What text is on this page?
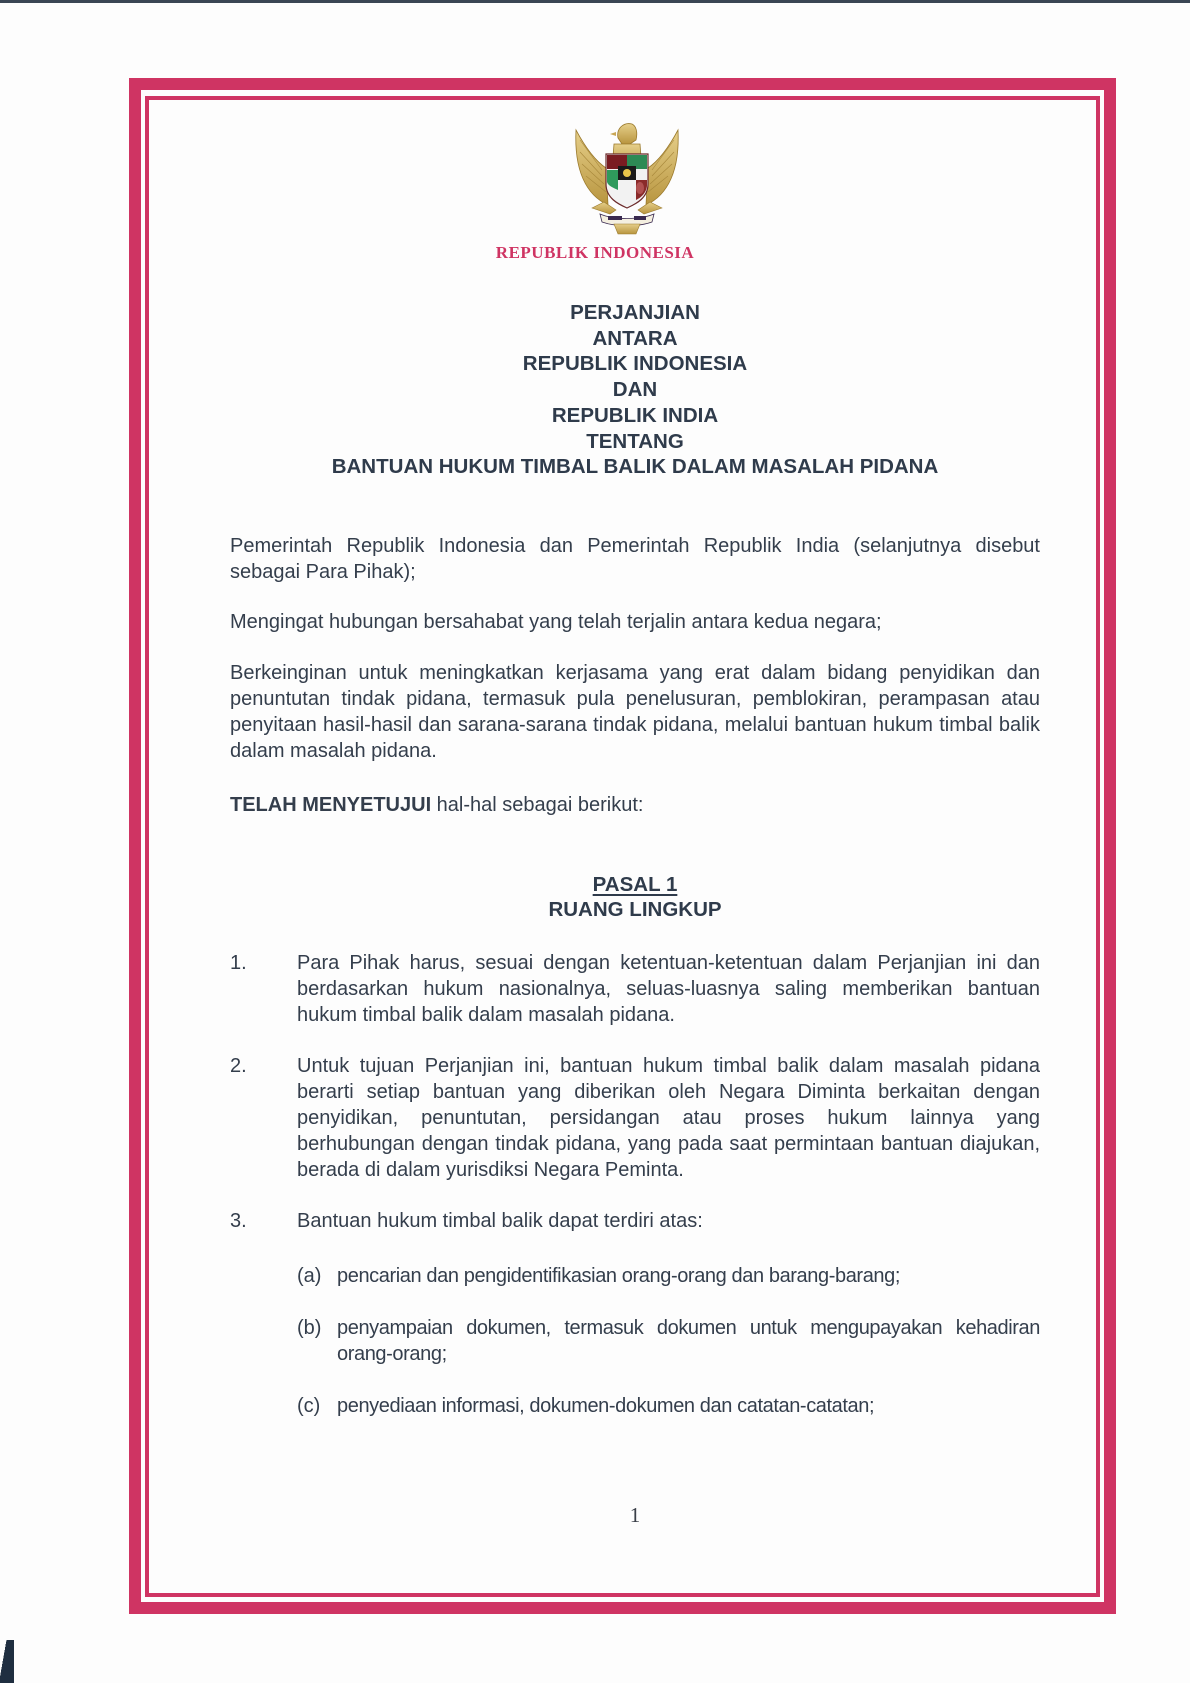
REPUBLIK INDONESIA
PERJANJIAN
ANTARA
REPUBLIK INDONESIA
DAN
REPUBLIK INDIA
TENTANG
BANTUAN HUKUM TIMBAL BALIK DALAM MASALAH PIDANA
Pemerintah Republik Indonesia dan Pemerintah Republik India (selanjutnya disebut sebagai Para Pihak);
Mengingat hubungan bersahabat yang telah terjalin antara kedua negara;
Berkeinginan untuk meningkatkan kerjasama yang erat dalam bidang penyidikan dan penuntutan tindak pidana, termasuk pula penelusuran, pemblokiran, perampasan atau penyitaan hasil-hasil dan sarana-sarana tindak pidana, melalui bantuan hukum timbal balik dalam masalah pidana.
TELAH MENYETUJUI hal-hal sebagai berikut:
PASAL 1
RUANG LINGKUP
1.	Para Pihak harus, sesuai dengan ketentuan-ketentuan dalam Perjanjian ini dan berdasarkan hukum nasionalnya, seluas-luasnya saling memberikan bantuan hukum timbal balik dalam masalah pidana.
2.	Untuk tujuan Perjanjian ini, bantuan hukum timbal balik dalam masalah pidana berarti setiap bantuan yang diberikan oleh Negara Diminta berkaitan dengan penyidikan, penuntutan, persidangan atau proses hukum lainnya yang berhubungan dengan tindak pidana, yang pada saat permintaan bantuan diajukan, berada di dalam yurisdiksi Negara Peminta.
3.	Bantuan hukum timbal balik dapat terdiri atas:
(a) pencarian dan pengidentifikasian orang-orang dan barang-barang;
(b) penyampaian dokumen, termasuk dokumen untuk mengupayakan kehadiran orang-orang;
(c) penyediaan informasi, dokumen-dokumen dan catatan-catatan;
1
